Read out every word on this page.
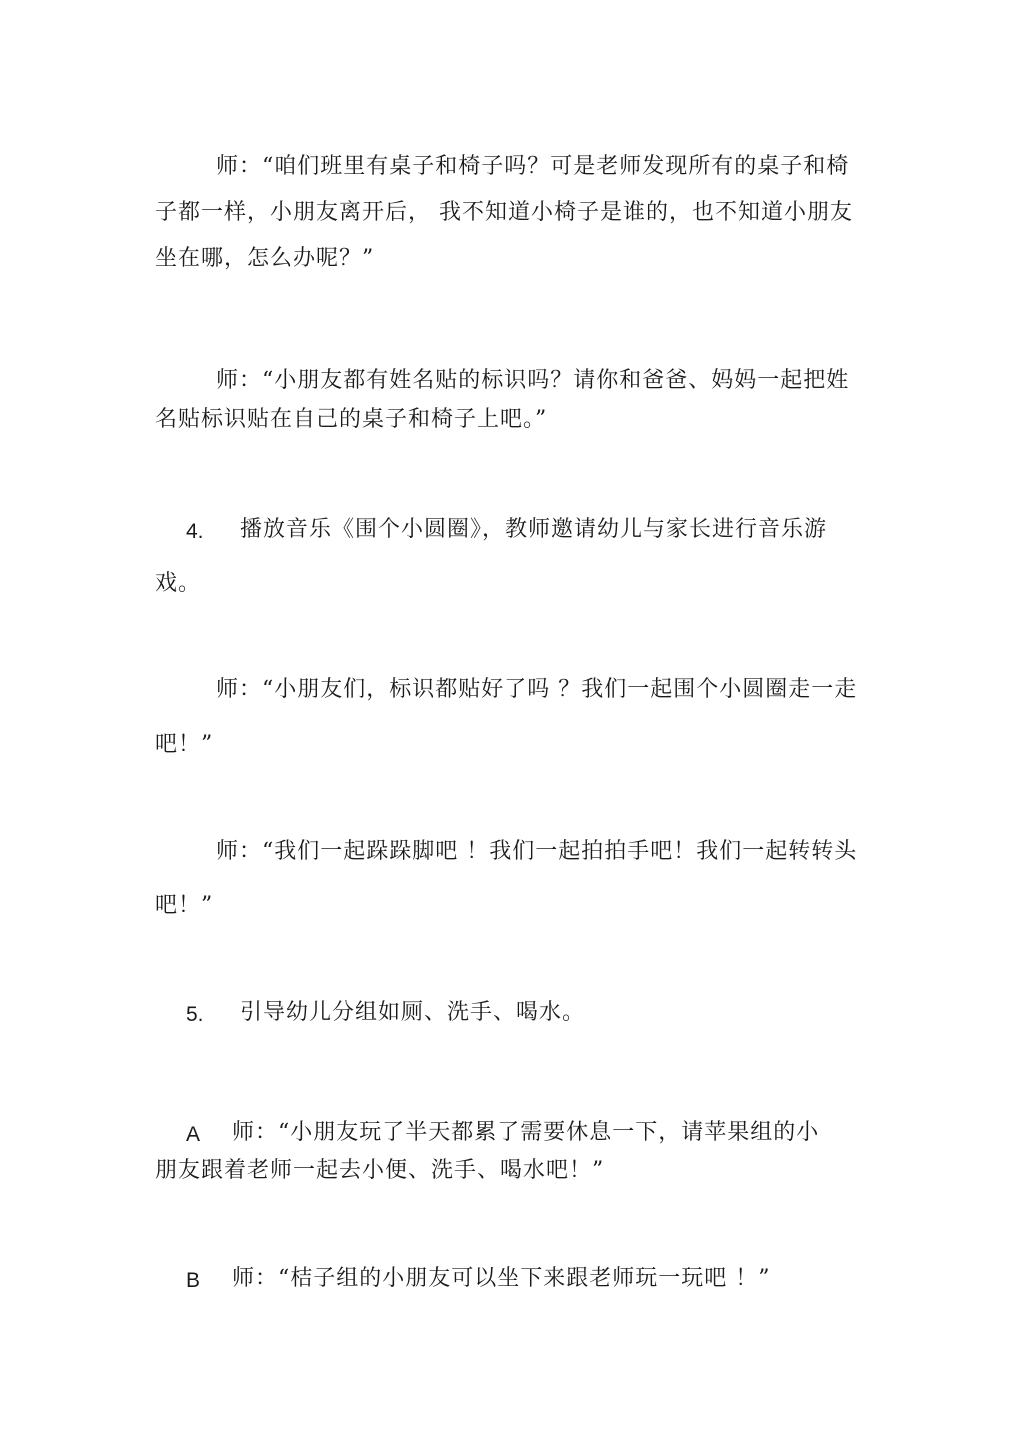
师：“咱们班里有桌子和椅子吗？可是老师发现所有的桌子和椅
子都一样，小朋友离开后， 我不知道小椅子是谁的，也不知道小朋友
坐在哪，怎么办呢？”
师：“小朋友都有姓名贴的标识吗？请你和爸爸、妈妈一起把姓
名贴标识贴在自己的桌子和椅子上吧。”
4. 播放音乐《围个小圆圈》，教师邀请幼儿与家长进行音乐游
戏。
师：“小朋友们，标识都贴好了吗 ？我们一起围个小圆圈走一走
吧！”
师：“我们一起跺跺脚吧 ！我们一起拍拍手吧！我们一起转转头
吧！”
5. 引导幼儿分组如厕、洗手、喝水。
A 师：“小朋友玩了半天都累了需要休息一下，请苹果组的小
朋友跟着老师一起去小便、洗手、喝水吧！”
B 师：“桔子组的小朋友可以坐下来跟老师玩一玩吧 ！”
